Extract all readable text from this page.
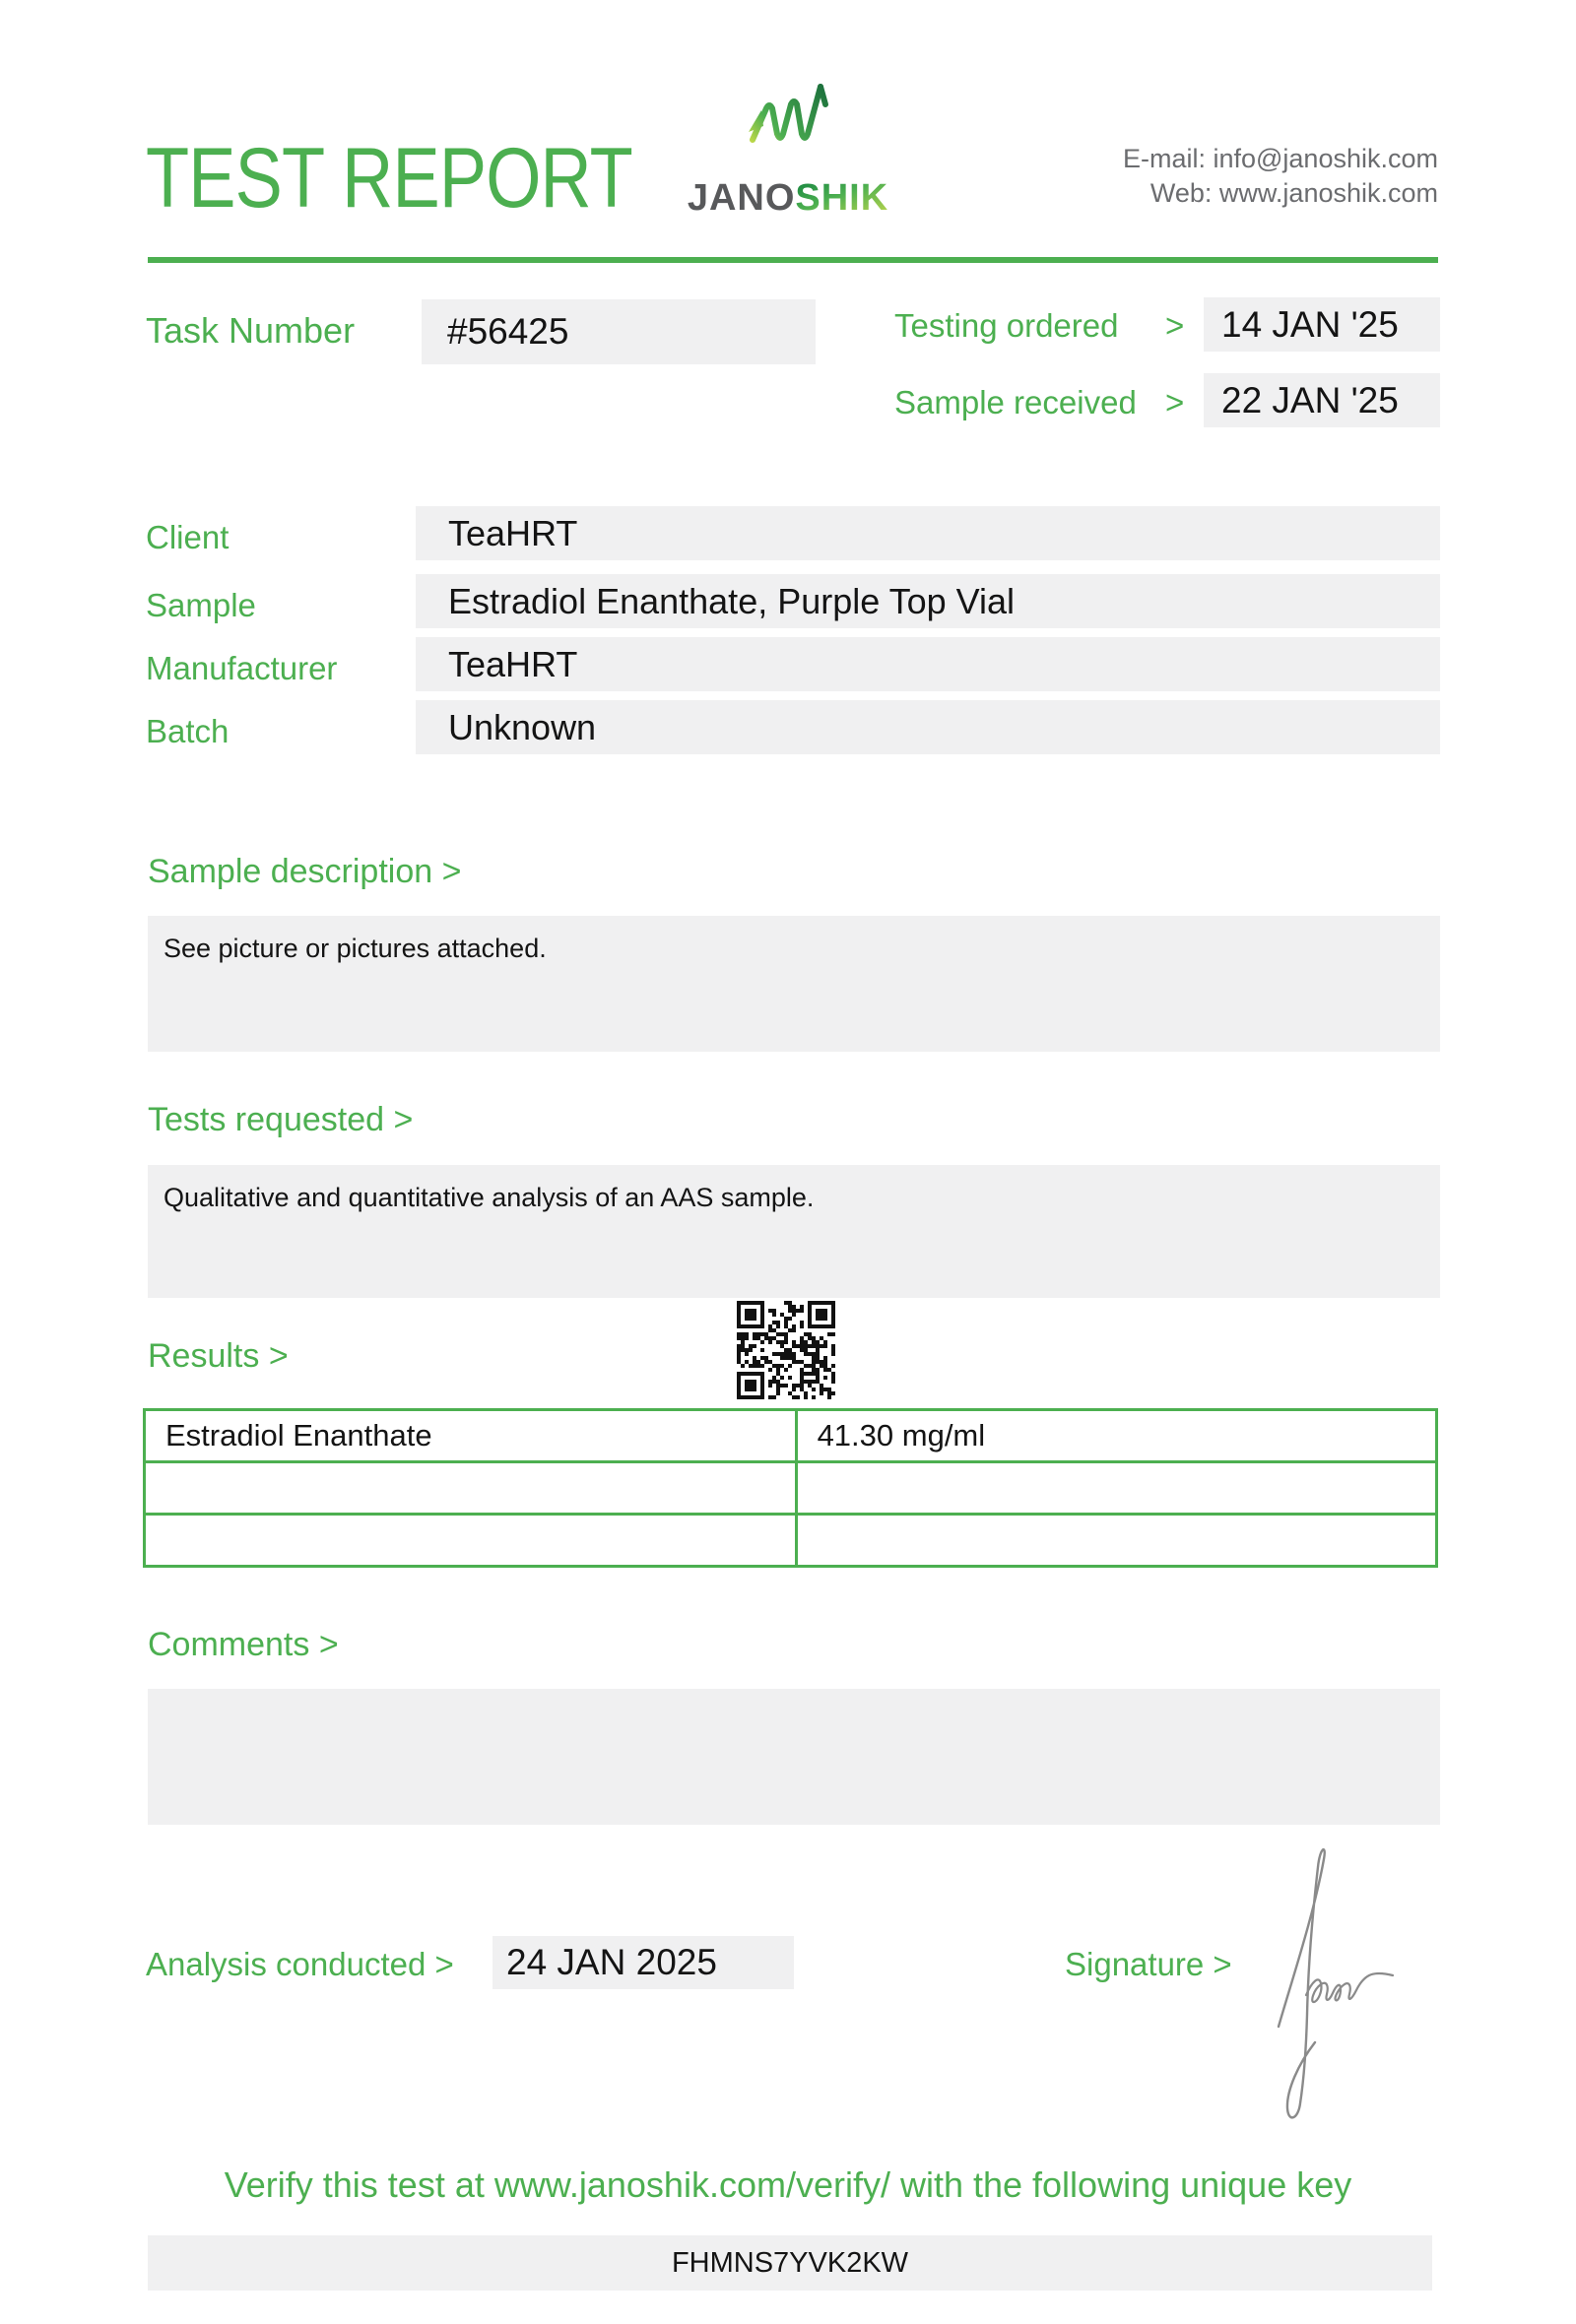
TEST REPORT JANOSHIK
E-mail: info@janoshik.com
Web: www.janoshik.com
Task Number	#56425	Testing ordered > 14 JAN '25
Sample received > 22 JAN '25
Client	TeaHRT
Sample	Estradiol Enanthate, Purple Top Vial
Manufacturer	TeaHRT
Batch	Unknown
Sample description >
See picture or pictures attached.
Tests requested >
Qualitative and quantitative analysis of an AAS sample.
Results >
Estradiol Enanthate	41.30 mg/ml

Comments >
Analysis conducted > 24 JAN 2025	Signature >
Verify this test at www.janoshik.com/verify/ with the following unique key
FHMNS7YVK2KW
